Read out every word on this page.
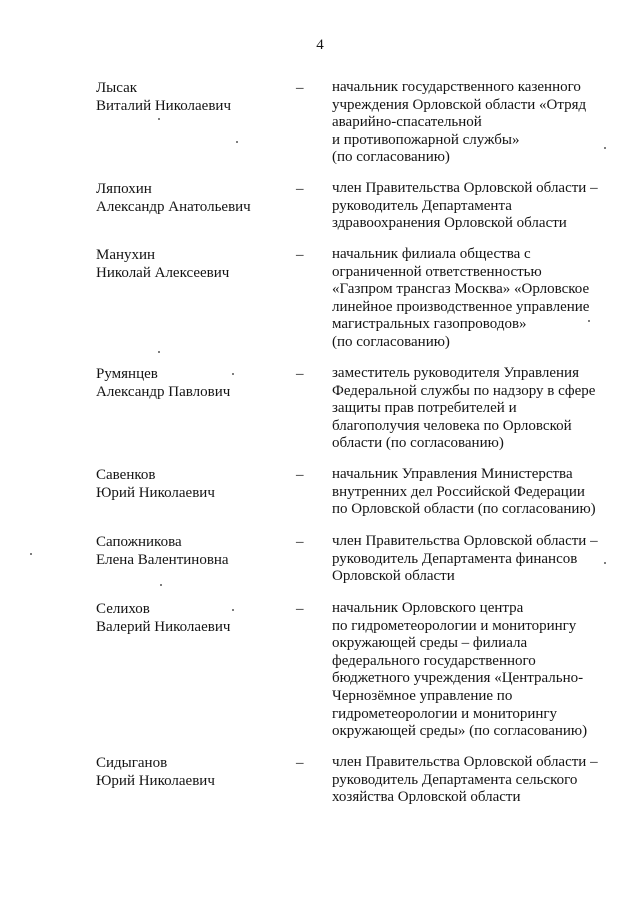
4
Лысак
Виталий Николаевич
– начальник государственного казенного
учреждения Орловской области «Отряд
аварийно-спасательной
и противопожарной службы»
(по согласованию)
Ляпохин
Александр Анатольевич
– член Правительства Орловской области –
руководитель Департамента
здравоохранения Орловской области
Манухин
Николай Алексеевич
– начальник филиала общества с
ограниченной ответственностью
«Газпром трансгаз Москва» «Орловское
линейное производственное управление
магистральных газопроводов»
(по согласованию)
Румянцев
Александр Павлович
– заместитель руководителя Управления
Федеральной службы по надзору в сфере
защиты прав потребителей и
благополучия человека по Орловской
области (по согласованию)
Савенков
Юрий Николаевич
– начальник Управления Министерства
внутренних дел Российской Федерации
по Орловской области (по согласованию)
Сапожникова
Елена Валентиновна
– член Правительства Орловской области –
руководитель Департамента финансов
Орловской области
Селихов
Валерий Николаевич
– начальник Орловского центра
по гидрометеорологии и мониторингу
окружающей среды – филиала
федерального государственного
бюджетного учреждения «Центрально-
Чернозёмное управление по
гидрометеорологии и мониторингу
окружающей среды» (по согласованию)
Сидыганов
Юрий Николаевич
– член Правительства Орловской области –
руководитель Департамента сельского
хозяйства Орловской области
